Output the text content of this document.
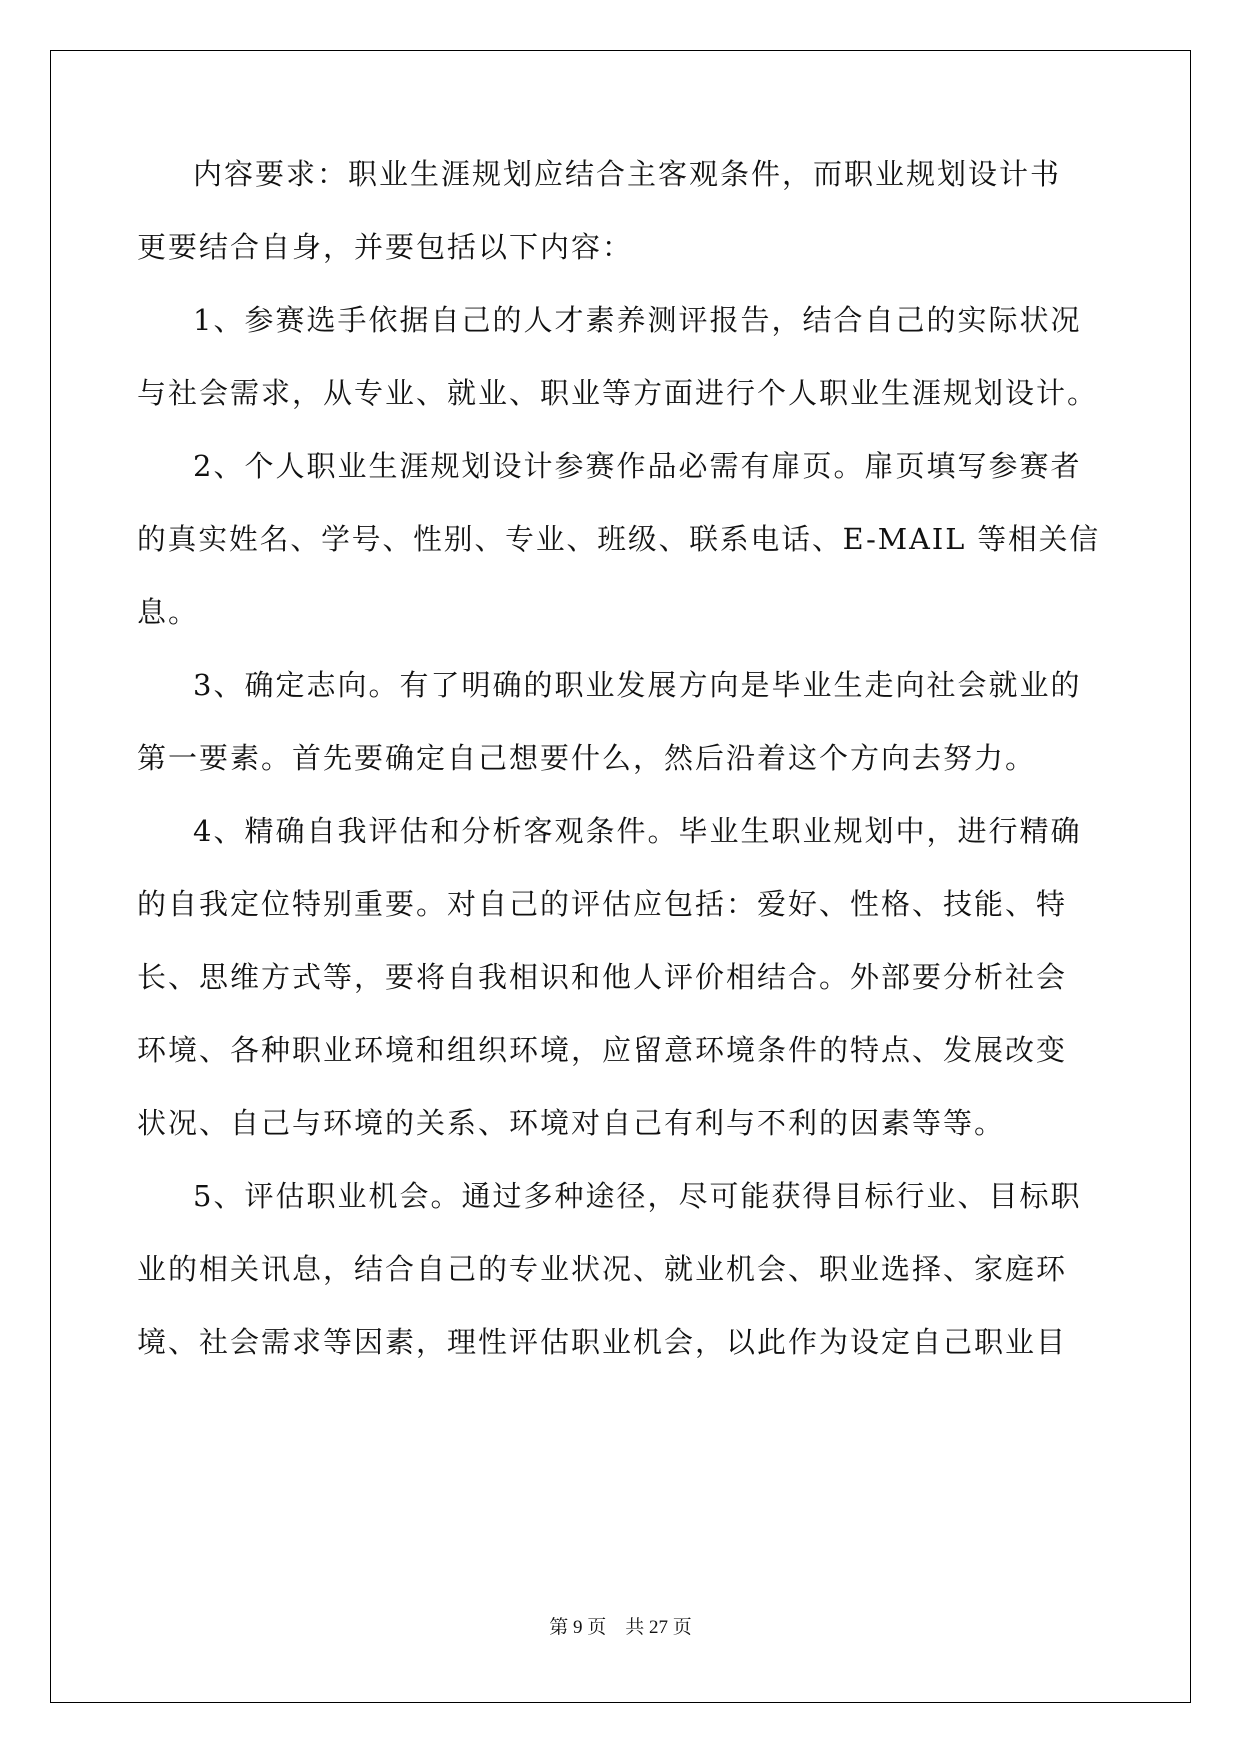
内容要求：职业生涯规划应结合主客观条件，而职业规划设计书
更要结合自身，并要包括以下内容：
1、参赛选手依据自己的人才素养测评报告，结合自己的实际状况
与社会需求，从专业、就业、职业等方面进行个人职业生涯规划设计。
2、个人职业生涯规划设计参赛作品必需有扉页。扉页填写参赛者
的真实姓名、学号、性别、专业、班级、联系电话、E-MAIL 等相关信
息。
3、确定志向。有了明确的职业发展方向是毕业生走向社会就业的
第一要素。首先要确定自己想要什么，然后沿着这个方向去努力。
4、精确自我评估和分析客观条件。毕业生职业规划中，进行精确
的自我定位特别重要。对自己的评估应包括：爱好、性格、技能、特
长、思维方式等，要将自我相识和他人评价相结合。外部要分析社会
环境、各种职业环境和组织环境，应留意环境条件的特点、发展改变
状况、自己与环境的关系、环境对自己有利与不利的因素等等。
5、评估职业机会。通过多种途径，尽可能获得目标行业、目标职
业的相关讯息，结合自己的专业状况、就业机会、职业选择、家庭环
境、社会需求等因素，理性评估职业机会，以此作为设定自己职业目
第 9 页    共 27 页
